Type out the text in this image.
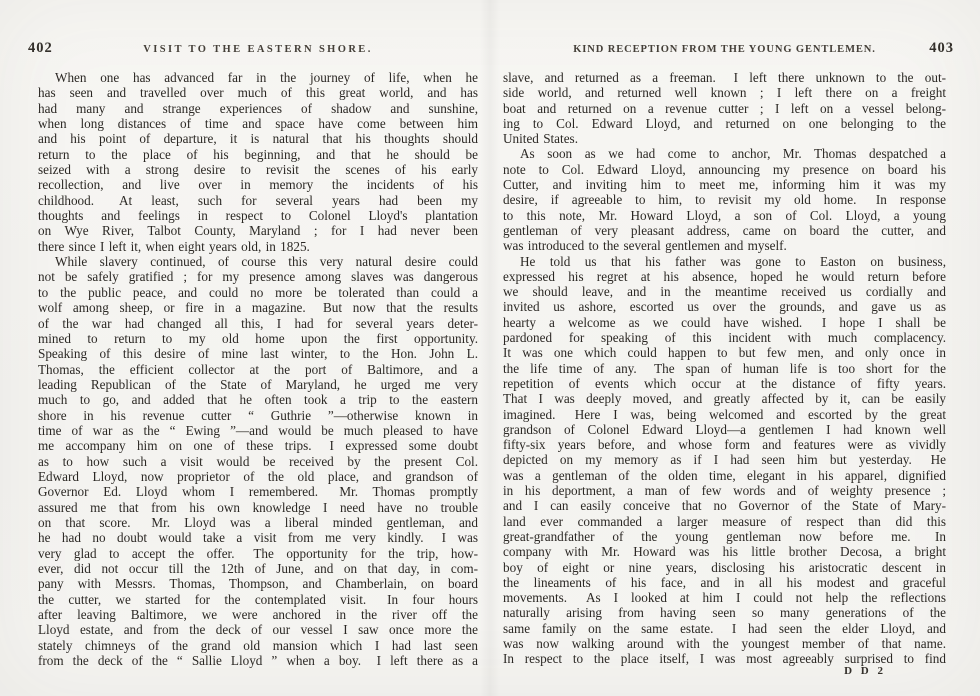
402	VISIT TO THE EASTERN SHORE.
When one has advanced far in the journey of life, when he
has seen and travelled over much of this great world, and has
had many and strange experiences of shadow and sunshine,
when long distances of time and space have come between him
and his point of departure, it is natural that his thoughts should
return to the place of his beginning, and that he should be
seized with a strong desire to revisit the scenes of his early
recollection, and live over in memory the incidents of his
childhood.  At least, such for several years had been my
thoughts and feelings in respect to Colonel Lloyd's plantation
on Wye River, Talbot County, Maryland ; for I had never been
there since I left it, when eight years old, in 1825.
While slavery continued, of course this very natural desire could
not be safely gratified ; for my presence among slaves was dangerous
to the public peace, and could no more be tolerated than could a
wolf among sheep, or fire in a magazine.  But now that the results
of the war had changed all this, I had for several years deter-
mined to return to my old home upon the first opportunity.
Speaking of this desire of mine last winter, to the Hon. John L.
Thomas, the efficient collector at the port of Baltimore, and a
leading Republican of the State of Maryland, he urged me very
much to go, and added that he often took a trip to the eastern
shore in his revenue cutter “ Guthrie ”—otherwise known in
time of war as the “ Ewing ”—and would be much pleased to have
me accompany him on one of these trips.  I expressed some doubt
as to how such a visit would be received by the present Col.
Edward Lloyd, now proprietor of the old place, and grandson of
Governor Ed. Lloyd whom I remembered.  Mr. Thomas promptly
assured me that from his own knowledge I need have no trouble
on that score.  Mr. Lloyd was a liberal minded gentleman, and
he had no doubt would take a visit from me very kindly.  I was
very glad to accept the offer.  The opportunity for the trip, how-
ever, did not occur till the 12th of June, and on that day, in com-
pany with Messrs. Thomas, Thompson, and Chamberlain, on board
the cutter, we started for the contemplated visit.  In four hours
after leaving Baltimore, we were anchored in the river off the
Lloyd estate, and from the deck of our vessel I saw once more the
stately chimneys of the grand old mansion which I had last seen
from the deck of the “ Sallie Lloyd ” when a boy.  I left there as a
KIND RECEPTION FROM THE YOUNG GENTLEMEN.	403
slave, and returned as a freeman.  I left there unknown to the out-
side world, and returned well known ; I left there on a freight
boat and returned on a revenue cutter ; I left on a vessel belong-
ing to Col. Edward Lloyd, and returned on one belonging to the
United States.
As soon as we had come to anchor, Mr. Thomas despatched a
note to Col. Edward Lloyd, announcing my presence on board his
Cutter, and inviting him to meet me, informing him it was my
desire, if agreeable to him, to revisit my old home.  In response
to this note, Mr. Howard Lloyd, a son of Col. Lloyd, a young
gentleman of very pleasant address, came on board the cutter, and
was introduced to the several gentlemen and myself.
He told us that his father was gone to Easton on business,
expressed his regret at his absence, hoped he would return before
we should leave, and in the meantime received us cordially and
invited us ashore, escorted us over the grounds, and gave us as
hearty a welcome as we could have wished.  I hope I shall be
pardoned for speaking of this incident with much complacency.
It was one which could happen to but few men, and only once in
the life time of any.  The span of human life is too short for the
repetition of events which occur at the distance of fifty years.
That I was deeply moved, and greatly affected by it, can be easily
imagined.  Here I was, being welcomed and escorted by the great
grandson of Colonel Edward Lloyd—a gentlemen I had known well
fifty-six years before, and whose form and features were as vividly
depicted on my memory as if I had seen him but yesterday.  He
was a gentleman of the olden time, elegant in his apparel, dignified
in his deportment, a man of few words and of weighty presence ;
and I can easily conceive that no Governor of the State of Mary-
land ever commanded a larger measure of respect than did this
great-grandfather of the young gentleman now before me.  In
company with Mr. Howard was his little brother Decosa, a bright
boy of eight or nine years, disclosing his aristocratic descent in
the lineaments of his face, and in all his modest and graceful
movements.  As I looked at him I could not help the reflections
naturally arising from having seen so many generations of the
same family on the same estate.  I had seen the elder Lloyd, and
was now walking around with the youngest member of that name.
In respect to the place itself, I was most agreeably surprised to find
D D 2
